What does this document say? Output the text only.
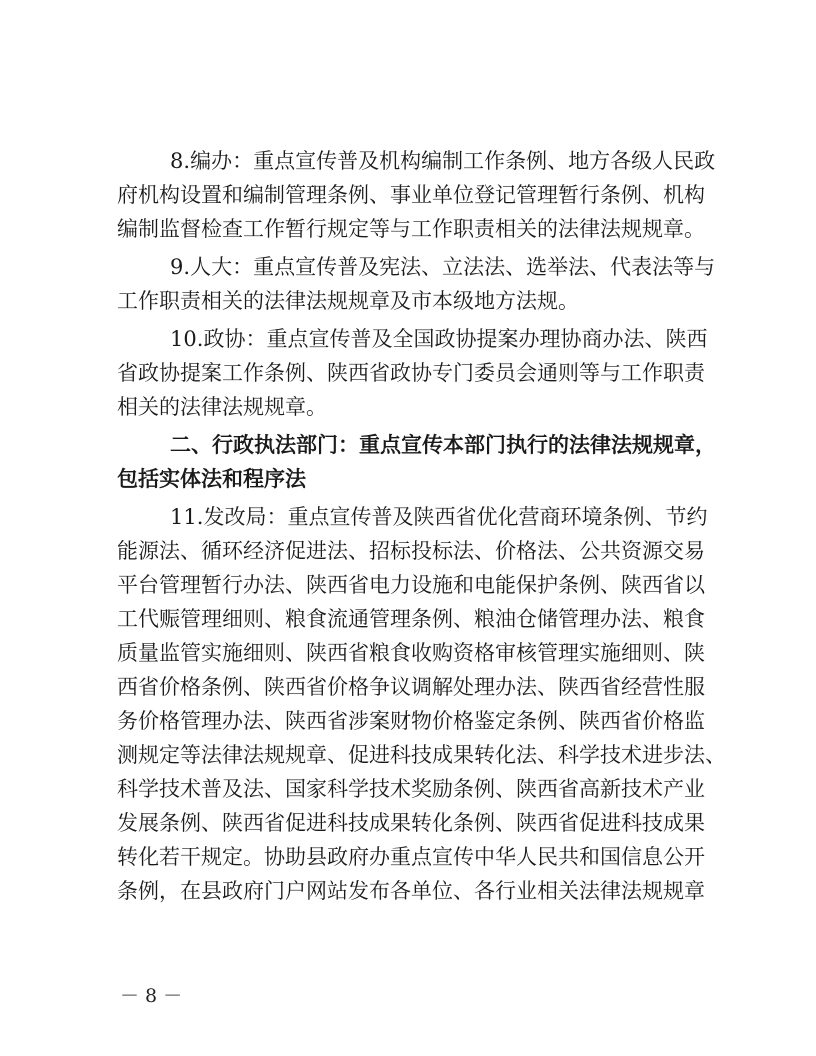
8 . 编 办 ： 重 点 宣 传 普 及 机 构 编 制 工 作 条 例 、 地 方 各 级 人 民 政
府 机 构 设 置 和 编 制 管 理 条 例 、 事 业 单 位 登 记 管 理 暂 行 条 例 、 机 构
编制监督检查工作暂行规定等与工作职责相关的法律法规规章。
9 . 人 大 ： 重 点 宣 传 普 及 宪 法 、 立 法 法 、 选 举 法 、 代 表 法 等 与
工作职责相关的法律法规规章及市本级地方法规。
1 0 . 政 协 ： 重 点 宣 传 普 及 全 国 政 协 提 案 办 理 协 商 办 法 、 陕 西
省 政 协 提 案 工 作 条 例 、 陕 西 省 政 协 专 门 委 员 会 通 则 等 与 工 作 职 责
相关的法律法规规章。
二 、 行 政 执 法 部 门 ： 重 点 宣 传 本 部 门 执 行 的 法 律 法 规 规 章 ，
包括实体法和程序法
1 1 . 发 改 局 ： 重 点 宣 传 普 及 陕 西 省 优 化 营 商 环 境 条 例 、 节 约
能 源 法 、 循 环 经 济 促 进 法 、 招 标 投 标 法 、 价 格 法 、 公 共 资 源 交 易
平 台 管 理 暂 行 办 法 、 陕 西 省 电 力 设 施 和 电 能 保 护 条 例 、 陕 西 省 以
工 代 赈 管 理 细 则 、 粮 食 流 通 管 理 条 例 、 粮 油 仓 储 管 理 办 法 、 粮 食
质 量 监 管 实 施 细 则 、 陕 西 省 粮 食 收 购 资 格 审 核 管 理 实 施 细 则 、 陕
西 省 价 格 条 例 、 陕 西 省 价 格 争 议 调 解 处 理 办 法 、 陕 西 省 经 营 性 服
务 价 格 管 理 办 法 、 陕 西 省 涉 案 财 物 价 格 鉴 定 条 例 、 陕 西 省 价 格 监
测 规 定 等 法 律 法 规 规 章 、 促 进 科 技 成 果 转 化 法 、 科 学 技 术 进 步 法 、
科 学 技 术 普 及 法 、 国 家 科 学 技 术 奖 励 条 例 、 陕 西 省 高 新 技 术 产 业
发 展 条 例 、 陕 西 省 促 进 科 技 成 果 转 化 条 例 、 陕 西 省 促 进 科 技 成 果
转 化 若 干 规 定 。 协 助 县 政 府 办 重 点 宣 传 中 华 人 民 共 和 国 信 息 公 开
条 例 ， 在 县 政 府 门 户 网 站 发 布 各 单 位 、 各 行 业 相 关 法 律 法 规 规 章
－ 8 －
